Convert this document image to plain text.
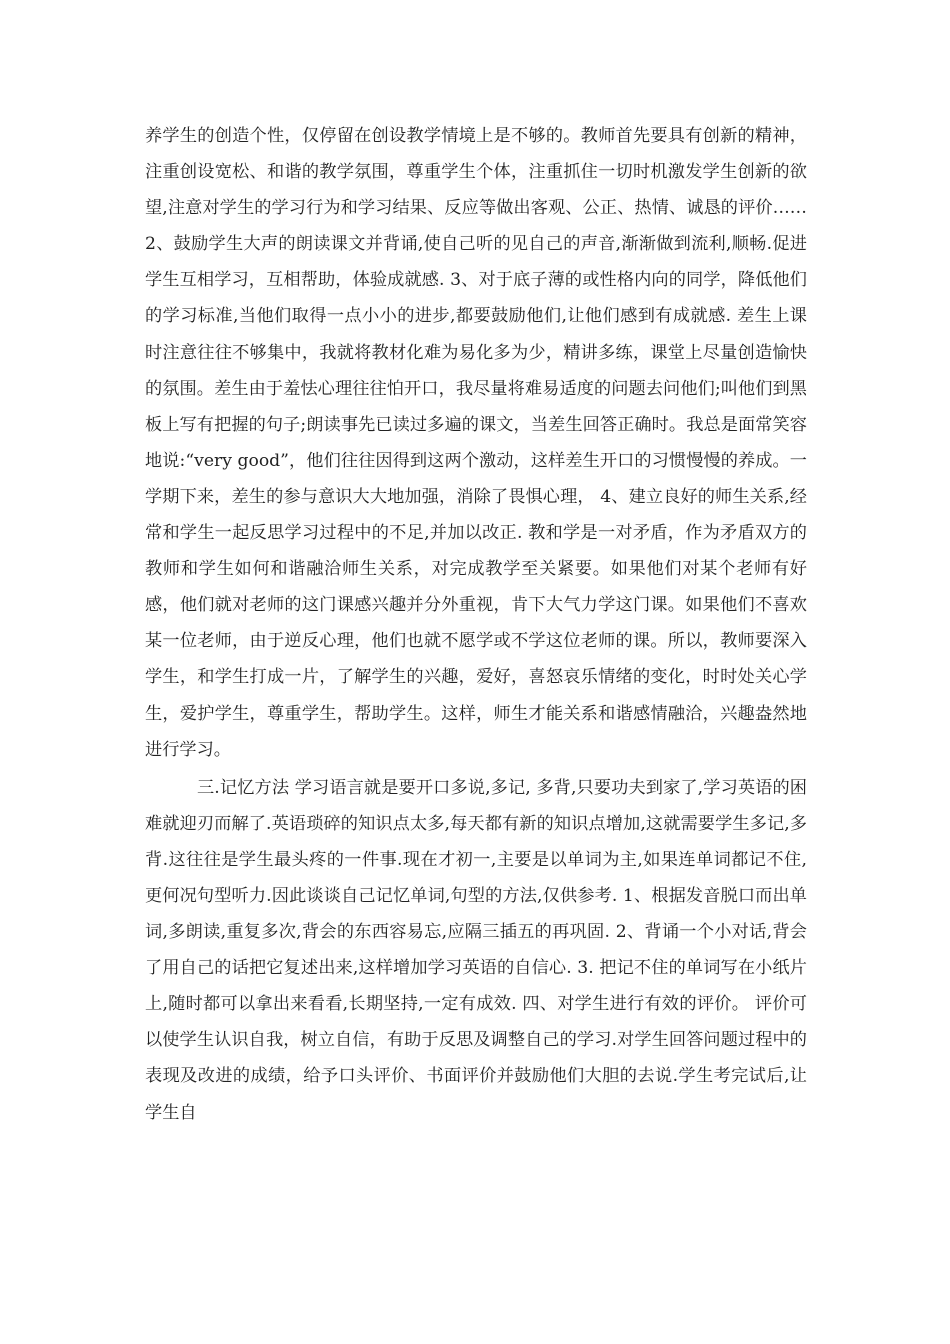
养学生的创造个性，仅停留在创设教学情境上是不够的。教师首先要具有创新的精神，注重创设宽松、和谐的教学氛围，尊重学生个体，注重抓住一切时机激发学生创新的欲望,注意对学生的学习行为和学习结果、反应等做出客观、公正、热情、诚恳的评价…… 2、鼓励学生大声的朗读课文并背诵,使自己听的见自己的声音,渐渐做到流利,顺畅.促进学生互相学习，互相帮助，体验成就感. 3、对于底子薄的或性格内向的同学，降低他们的学习标准,当他们取得一点小小的进步,都要鼓励他们,让他们感到有成就感. 差生上课时注意往往不够集中，我就将教材化难为易化多为少，精讲多练，课堂上尽量创造愉快的氛围。差生由于羞怯心理往往怕开口，我尽量将难易适度的问题去问他们;叫他们到黑板上写有把握的句子;朗读事先已读过多遍的课文，当差生回答正确时。我总是面常笑容地说:“very good”，他们往往因得到这两个激动，这样差生开口的习惯慢慢的养成。一学期下来，差生的参与意识大大地加强，消除了畏惧心理， 4、建立良好的师生关系,经常和学生一起反思学习过程中的不足,并加以改正. 教和学是一对矛盾，作为矛盾双方的教师和学生如何和谐融洽师生关系，对完成教学至关紧要。如果他们对某个老师有好感，他们就对老师的这门课感兴趣并分外重视，肯下大气力学这门课。如果他们不喜欢某一位老师，由于逆反心理，他们也就不愿学或不学这位老师的课。所以，教师要深入学生，和学生打成一片，了解学生的兴趣，爱好，喜怒哀乐情绪的变化，时时处关心学生，爱护学生，尊重学生，帮助学生。这样，师生才能关系和谐感情融洽，兴趣盎然地进行学习。

三.记忆方法 学习语言就是要开口多说,多记, 多背,只要功夫到家了,学习英语的困难就迎刃而解了.英语琐碎的知识点太多,每天都有新的知识点增加,这就需要学生多记,多背.这往往是学生最头疼的一件事.现在才初一,主要是以单词为主,如果连单词都记不住,更何况句型听力.因此谈谈自己记忆单词,句型的方法,仅供参考. 1、根据发音脱口而出单词,多朗读,重复多次,背会的东西容易忘,应隔三插五的再巩固. 2、背诵一个小对话,背会了用自己的话把它复述出来,这样增加学习英语的自信心. 3. 把记不住的单词写在小纸片上,随时都可以拿出来看看,长期坚持,一定有成效. 四、对学生进行有效的评价。 评价可以使学生认识自我，树立自信，有助于反思及调整自己的学习.对学生回答问题过程中的表现及改进的成绩，给予口头评价、书面评价并鼓励他们大胆的去说.学生考完试后,让学生自
